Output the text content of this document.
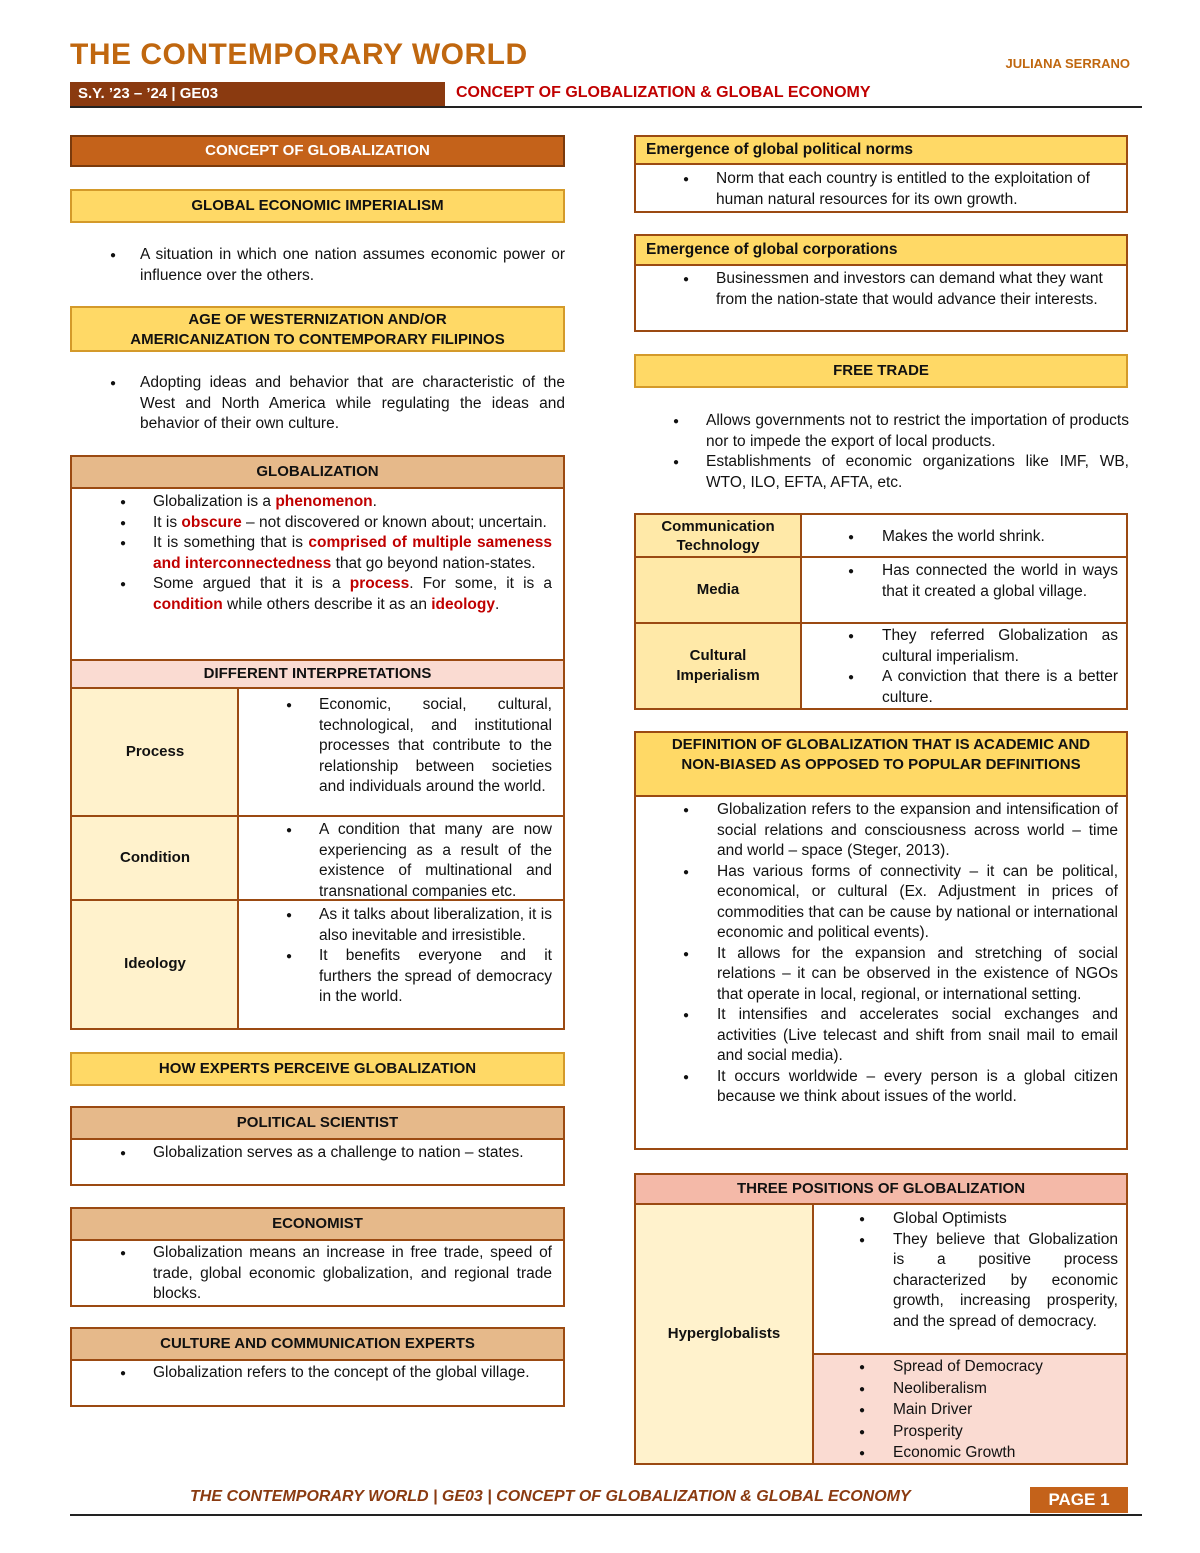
THE CONTEMPORARY WORLD	JULIANA SERRANO
S.Y. ’23 – ’24 | GE03	CONCEPT OF GLOBALIZATION & GLOBAL ECONOMY
CONCEPT OF GLOBALIZATION
GLOBAL ECONOMIC IMPERIALISM
● A situation in which one nation assumes economic power or influence over the others.
AGE OF WESTERNIZATION AND/OR
AMERICANIZATION TO CONTEMPORARY FILIPINOS
● Adopting ideas and behavior that are characteristic of the West and North America while regulating the ideas and behavior of their own culture.
GLOBALIZATION
● Globalization is a phenomenon.
● It is obscure – not discovered or known about; uncertain.
● It is something that is comprised of multiple sameness and interconnectedness that go beyond nation-states.
● Some argued that it is a process. For some, it is a condition while others describe it as an ideology.
DIFFERENT INTERPRETATIONS
Process
● Economic, social, cultural, technological, and institutional processes that contribute to the relationship between societies and individuals around the world.
Condition
● A condition that many are now experiencing as a result of the existence of multinational and transnational companies etc.
Ideology
● As it talks about liberalization, it is also inevitable and irresistible.
● It benefits everyone and it furthers the spread of democracy in the world.
HOW EXPERTS PERCEIVE GLOBALIZATION
POLITICAL SCIENTIST
● Globalization serves as a challenge to nation – states.
ECONOMIST
● Globalization means an increase in free trade, speed of trade, global economic globalization, and regional trade blocks.
CULTURE AND COMMUNICATION EXPERTS
● Globalization refers to the concept of the global village.
Emergence of global political norms
● Norm that each country is entitled to the exploitation of human natural resources for its own growth.
Emergence of global corporations
● Businessmen and investors can demand what they want from the nation-state that would advance their interests.
FREE TRADE
● Allows governments not to restrict the importation of products nor to impede the export of local products.
● Establishments of economic organizations like IMF, WB, WTO, ILO, EFTA, AFTA, etc.
Communication
Technology
● Makes the world shrink.
Media
● Has connected the world in ways that it created a global village.
Cultural
Imperialism
● They referred Globalization as cultural imperialism.
● A conviction that there is a better culture.
DEFINITION OF GLOBALIZATION THAT IS ACADEMIC AND NON-BIASED AS OPPOSED TO POPULAR DEFINITIONS
● Globalization refers to the expansion and intensification of social relations and consciousness across world – time and world – space (Steger, 2013).
● Has various forms of connectivity – it can be political, economical, or cultural (Ex. Adjustment in prices of commodities that can be cause by national or international economic and political events).
● It allows for the expansion and stretching of social relations – it can be observed in the existence of NGOs that operate in local, regional, or international setting.
● It intensifies and accelerates social exchanges and activities (Live telecast and shift from snail mail to email and social media).
● It occurs worldwide – every person is a global citizen because we think about issues of the world.
THREE POSITIONS OF GLOBALIZATION
Hyperglobalists
● Global Optimists
● They believe that Globalization is a positive process characterized by economic growth, increasing prosperity, and the spread of democracy.
● Spread of Democracy
● Neoliberalism
● Main Driver
● Prosperity
● Economic Growth
THE CONTEMPORARY WORLD | GE03 | CONCEPT OF GLOBALIZATION & GLOBAL ECONOMY	PAGE 1
